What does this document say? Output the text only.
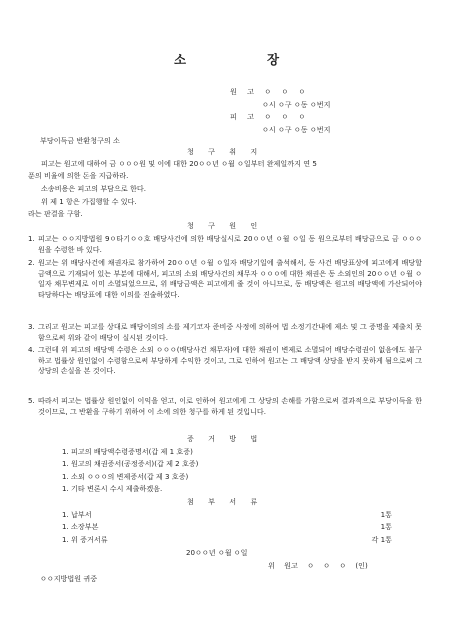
소	장
원 고 ㅇ ㅇ ㅇ
ㅇ시 ㅇ구 ㅇ동 ㅇ번지
피 고 ㅇ ㅇ ㅇ
ㅇ시 ㅇ구 ㅇ동 ㅇ번지
부당이득금 반환청구의 소
청 구 취 지
피고는 원고에 대하여 금 ㅇㅇㅇ원 및 이에 대한 20ㅇㅇ년 ㅇ월 ㅇ일부터 완제일까지 연 5
푼의 비율에 의한 돈을 지급하라.
소송비용은 피고의 부담으로 한다.
위 제 1 항은 가집행할 수 있다.
라는 판결을 구함.
청 구 원 인
1. 피고는 ㅇㅇ지방법원 9ㅇ타기ㅇㅇ호 배당사건에 의한 배당실시로 20ㅇㅇ년 ㅇ월 ㅇ일 동 원으로부터 배당금으로 금 ㅇㅇㅇ원을 수령한 바 있다.
2. 원고는 위 배당사건에 채권자로 참가하여 20ㅇㅇ년 ㅇ월 ㅇ일자 배당기일에 출석해서, 동 사건 배당표상에 피고에게 배당할 금액으로 기재되어 있는 부분에 대해서, 피고의 소외 배당사건의 채무자 ㅇㅇㅇ에 대한 채권은 동 소외인의 20ㅇㅇ년 ㅇ월 ㅇ일자 채무변제로 이미 소멸되었으므로, 위 배당금액은 피고에게 줄 것이 아니므로, 동 배당액은 원고의 배당액에 가산되어야 타당하다는 배당표에 대한 이의를 진술하였다.
3. 그리고 원고는 피고를 상대로 배당이의의 소를 제기코자 준비중 사정에 의하여 법 소정기간내에 제소 및 그 증명을 제출치 못함으로써 위와 같이 배당이 실시된 것이다.
4. 그런데 위 피고의 배당액 수령은 소외 ㅇㅇㅇ(배당사건 채무자)에 대한 채권이 변제로 소멸되어 배당수령권이 없음에도 불구하고 법률상 원인없이 수령함으로써 부당하게 수익한 것이고, 그로 인하여 원고는 그 배당액 상당을 받지 못하게 됨으로써 그 상당의 손실을 본 것이다.
5. 따라서 피고는 법률상 원인없이 이익을 얻고, 이로 인하여 원고에게 그 상당의 손해를 가함으로써 결과적으로 부당이득을 한 것이므로, 그 반환을 구하기 위하여 이 소에 의한 청구를 하게 된 것입니다.
증 거 방 법
1. 피고의 배당액수령증명서(갑 제 1 호증)
1. 원고의 채권증서(공정증서)(갑 제 2 호증)
1. 소외 ㅇㅇㅇ의 변제증서(갑 제 3 호증)
1. 기타 변론시 수시 제출하겠음.
첨 부 서 류
1. 납부서	1통
1. 소장부본	1통
1. 위 증거서류	각 1통
20ㅇㅇ년 ㅇ월 ㅇ일
위 원고 ㅇ ㅇ ㅇ (인)
ㅇㅇ지방법원 귀중
